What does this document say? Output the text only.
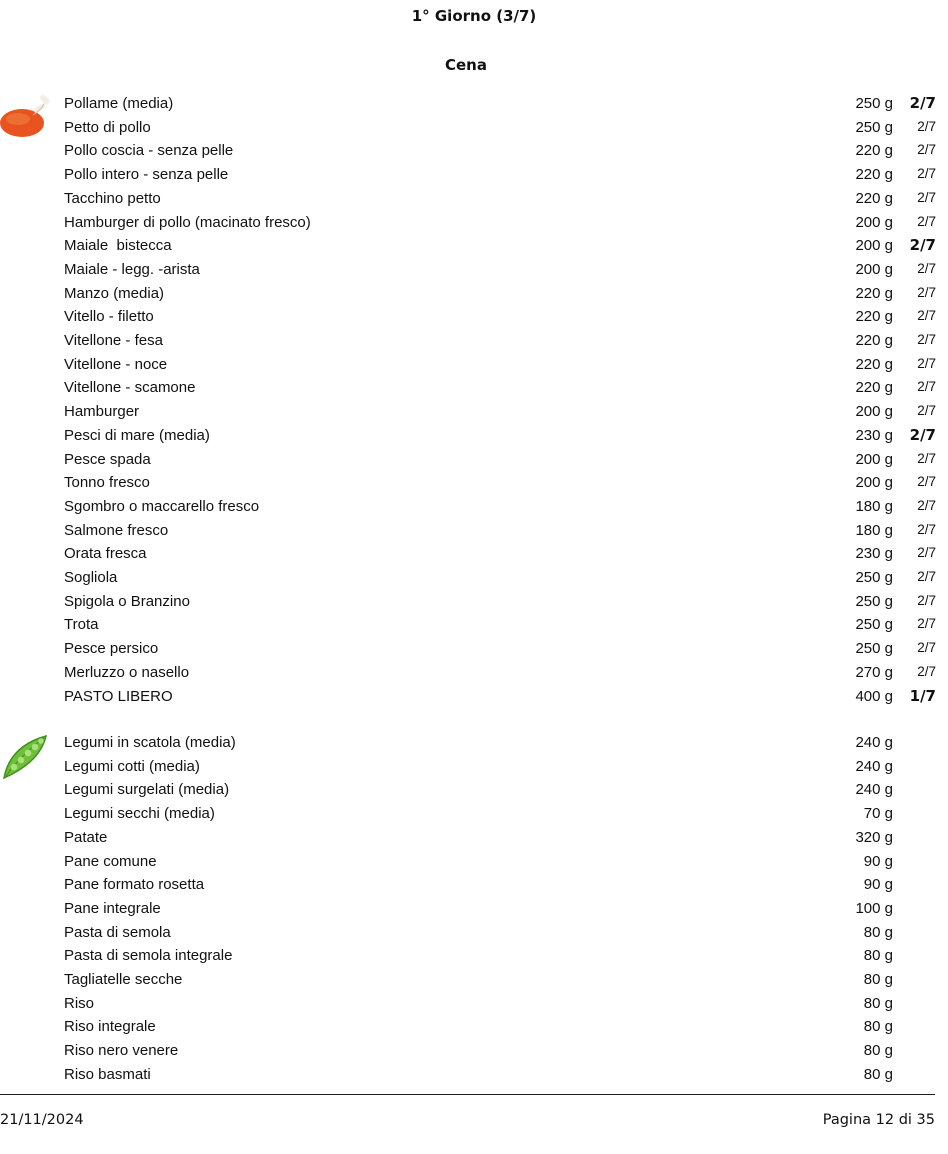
1° Giorno (3/7)
Cena
Pollame (media)	250 g 2/7
Petto di pollo	250 g 2/7
Pollo coscia - senza pelle	220 g 2/7
Pollo intero - senza pelle	220 g 2/7
Tacchino petto	220 g 2/7
Hamburger di pollo (macinato fresco)	200 g 2/7
Maiale  bistecca	200 g 2/7
Maiale - legg. -arista	200 g 2/7
Manzo (media)	220 g 2/7
Vitello - filetto	220 g 2/7
Vitellone - fesa	220 g 2/7
Vitellone - noce	220 g 2/7
Vitellone - scamone	220 g 2/7
Hamburger	200 g 2/7
Pesci di mare (media)	230 g 2/7
Pesce spada	200 g 2/7
Tonno fresco	200 g 2/7
Sgombro o maccarello fresco	180 g 2/7
Salmone fresco	180 g 2/7
Orata fresca	230 g 2/7
Sogliola	250 g 2/7
Spigola o Branzino	250 g 2/7
Trota	250 g 2/7
Pesce persico	250 g 2/7
Merluzzo o nasello	270 g 2/7
PASTO LIBERO	400 g 1/7
Legumi in scatola (media)	240 g
Legumi cotti (media)	240 g
Legumi surgelati (media)	240 g
Legumi secchi (media)	70 g
Patate	320 g
Pane comune	90 g
Pane formato rosetta	90 g
Pane integrale	100 g
Pasta di semola	80 g
Pasta di semola integrale	80 g
Tagliatelle secche	80 g
Riso	80 g
Riso integrale	80 g
Riso nero venere	80 g
Riso basmati	80 g
21/11/2024	Pagina 12 di 35
